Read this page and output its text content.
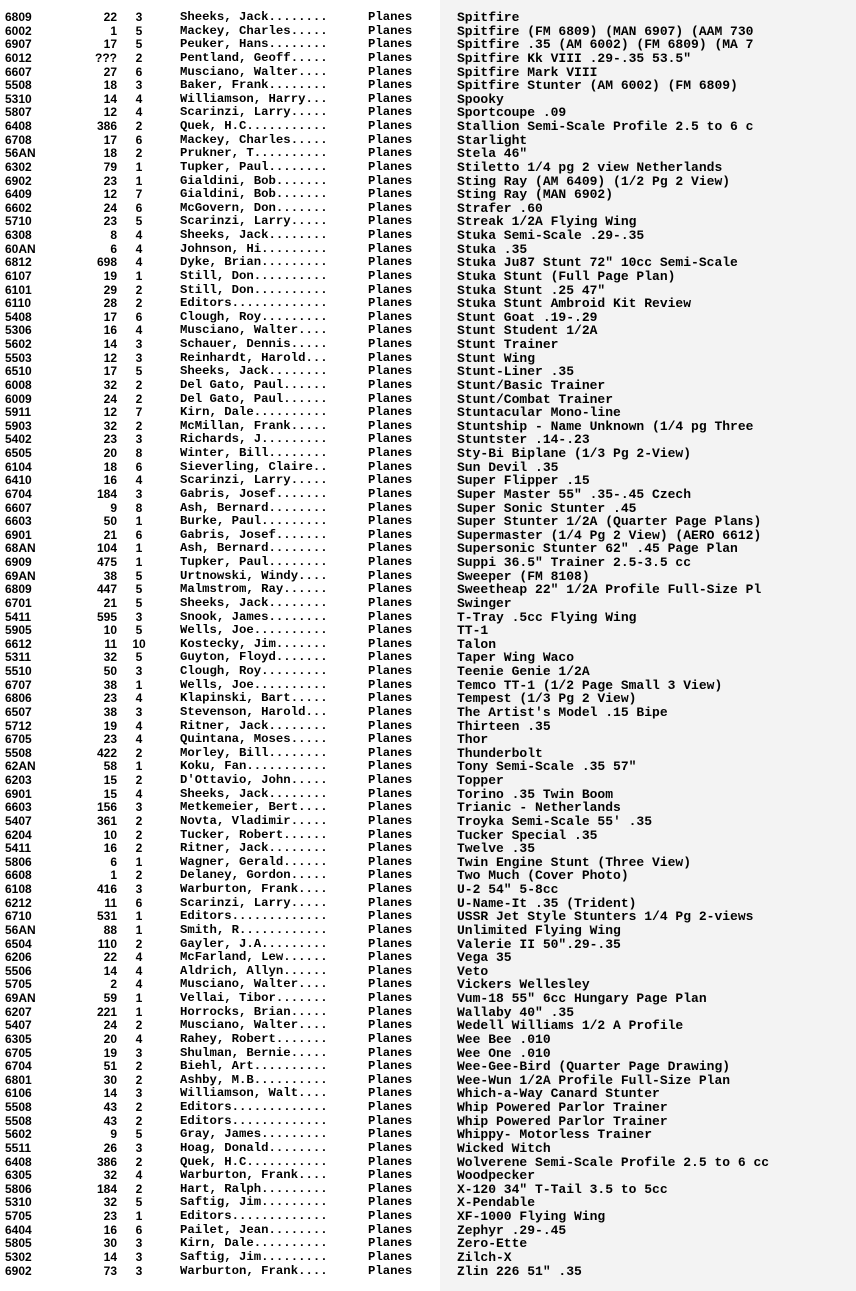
6809	22	3	Sheeks, Jack........	Planes	Spitfire
6002	1	5	Mackey, Charles.....	Planes	Spitfire (FM 6809) (MAN 6907) (AAM 730
6907	17	5	Peuker, Hans........	Planes	Spitfire .35 (AM 6002) (FM 6809) (MA 7
6012	???	2	Pentland, Geoff.....	Planes	Spitfire Kk VIII .29-.35 53.5"
6607	27	6	Musciano, Walter....	Planes	Spitfire Mark VIII
5508	18	3	Baker, Frank........	Planes	Spitfire Stunter (AM 6002) (FM 6809)
5310	14	4	Williamson, Harry...	Planes	Spooky
5807	12	4	Scarinzi, Larry.....	Planes	Sportcoupe .09
6408	386	2	Quek, H.C...........	Planes	Stallion Semi-Scale Profile 2.5 to 6 c
6708	17	6	Mackey, Charles.....	Planes	Starlight
56AN	18	2	Prukner, T..........	Planes	Stela 46"
6302	79	1	Tupker, Paul........	Planes	Stiletto 1/4 pg 2 view Netherlands
6902	23	1	Gialdini, Bob.......	Planes	Sting Ray (AM 6409) (1/2 Pg 2 View)
6409	12	7	Gialdini, Bob.......	Planes	Sting Ray (MAN 6902)
6602	24	6	McGovern, Don.......	Planes	Strafer .60
5710	23	5	Scarinzi, Larry.....	Planes	Streak 1/2A Flying Wing
6308	8	4	Sheeks, Jack........	Planes	Stuka Semi-Scale .29-.35
60AN	6	4	Johnson, Hi.........	Planes	Stuka .35
6812	698	4	Dyke, Brian.........	Planes	Stuka Ju87 Stunt 72" 10cc Semi-Scale
6107	19	1	Still, Don..........	Planes	Stuka Stunt (Full Page Plan)
6101	29	2	Still, Don..........	Planes	Stuka Stunt .25 47"
6110	28	2	Editors.............	Planes	Stuka Stunt Ambroid Kit Review
5408	17	6	Clough, Roy.........	Planes	Stunt Goat .19-.29
5306	16	4	Musciano, Walter....	Planes	Stunt Student 1/2A
5602	14	3	Schauer, Dennis.....	Planes	Stunt Trainer
5503	12	3	Reinhardt, Harold...	Planes	Stunt Wing
6510	17	5	Sheeks, Jack........	Planes	Stunt-Liner .35
6008	32	2	Del Gato, Paul......	Planes	Stunt/Basic Trainer
6009	24	2	Del Gato, Paul......	Planes	Stunt/Combat Trainer
5911	12	7	Kirn, Dale..........	Planes	Stuntacular Mono-line
5903	32	2	McMillan, Frank.....	Planes	Stuntship - Name Unknown (1/4 pg Three
5402	23	3	Richards, J.........	Planes	Stuntster .14-.23
6505	20	8	Winter, Bill........	Planes	Sty-Bi Biplane (1/3 Pg 2-View)
6104	18	6	Sieverling, Claire..	Planes	Sun Devil .35
6410	16	4	Scarinzi, Larry.....	Planes	Super Flipper .15
6704	184	3	Gabris, Josef.......	Planes	Super Master 55" .35-.45 Czech
6607	9	8	Ash, Bernard........	Planes	Super Sonic Stunter .45
6603	50	1	Burke, Paul.........	Planes	Super Stunter 1/2A (Quarter Page Plans)
6901	21	6	Gabris, Josef.......	Planes	Supermaster (1/4 Pg 2 View) (AERO 6612)
68AN	104	1	Ash, Bernard........	Planes	Supersonic Stunter 62" .45 Page Plan
6909	475	1	Tupker, Paul........	Planes	Suppi 36.5" Trainer 2.5-3.5 cc
69AN	38	5	Urtnowski, Windy....	Planes	Sweeper (FM 8108)
6809	447	5	Malmstrom, Ray......	Planes	Sweetheap 22" 1/2A Profile Full-Size Pl
6701	21	5	Sheeks, Jack........	Planes	Swinger
5411	595	3	Snook, James........	Planes	T-Tray .5cc Flying Wing
5905	10	5	Wells, Joe..........	Planes	TT-1
6612	11	10	Kostecky, Jim.......	Planes	Talon
5311	32	5	Guyton, Floyd.......	Planes	Taper Wing Waco
5510	50	3	Clough, Roy.........	Planes	Teenie Genie 1/2A
6707	38	1	Wells, Joe..........	Planes	Temco TT-1 (1/2 Page Small 3 View)
6806	23	4	Klapinski, Bart.....	Planes	Tempest (1/3 Pg 2 View)
6507	38	3	Stevenson, Harold...	Planes	The Artist's Model .15 Bipe
5712	19	4	Ritner, Jack........	Planes	Thirteen .35
6705	23	4	Quintana, Moses.....	Planes	Thor
5508	422	2	Morley, Bill........	Planes	Thunderbolt
62AN	58	1	Koku, Fan...........	Planes	Tony Semi-Scale .35 57"
6203	15	2	D'Ottavio, John.....	Planes	Topper
6901	15	4	Sheeks, Jack........	Planes	Torino .35 Twin Boom
6603	156	3	Metkemeier, Bert....	Planes	Trianic - Netherlands
5407	361	2	Novta, Vladimir.....	Planes	Troyka Semi-Scale 55' .35
6204	10	2	Tucker, Robert......	Planes	Tucker Special .35
5411	16	2	Ritner, Jack........	Planes	Twelve .35
5806	6	1	Wagner, Gerald......	Planes	Twin Engine Stunt (Three View)
6608	1	2	Delaney, Gordon.....	Planes	Two Much (Cover Photo)
6108	416	3	Warburton, Frank....	Planes	U-2 54" 5-8cc
6212	11	6	Scarinzi, Larry.....	Planes	U-Name-It .35 (Trident)
6710	531	1	Editors.............	Planes	USSR Jet Style Stunters 1/4 Pg 2-views
56AN	88	1	Smith, R............	Planes	Unlimited Flying Wing
6504	110	2	Gayler, J.A.........	Planes	Valerie II 50".29-.35
6206	22	4	McFarland, Lew......	Planes	Vega 35
5506	14	4	Aldrich, Allyn......	Planes	Veto
5705	2	4	Musciano, Walter....	Planes	Vickers Wellesley
69AN	59	1	Vellai, Tibor.......	Planes	Vum-18 55" 6cc Hungary Page Plan
6207	221	1	Horrocks, Brian.....	Planes	Wallaby 40" .35
5407	24	2	Musciano, Walter....	Planes	Wedell Williams 1/2 A Profile
6305	20	4	Rahey, Robert.......	Planes	Wee Bee .010
6705	19	3	Shulman, Bernie.....	Planes	Wee One .010
6704	51	2	Biehl, Art..........	Planes	Wee-Gee-Bird (Quarter Page Drawing)
6801	30	2	Ashby, M.B..........	Planes	Wee-Wun 1/2A Profile Full-Size Plan
6106	14	3	Williamson, Walt....	Planes	Which-a-Way Canard Stunter
5508	43	2	Editors.............	Planes	Whip Powered Parlor Trainer
5508	43	2	Editors.............	Planes	Whip Powered Parlor Trainer
5602	9	5	Gray, James.........	Planes	Whippy- Motorless Trainer
5511	26	3	Hoag, Donald........	Planes	Wicked Witch
6408	386	2	Quek, H.C...........	Planes	Wolverene Semi-Scale Profile 2.5 to 6 cc
6305	32	4	Warburton, Frank....	Planes	Woodpecker
5806	184	2	Hart, Ralph.........	Planes	X-120 34" T-Tail 3.5 to 5cc
5310	32	5	Saftig, Jim.........	Planes	X-Pendable
5705	23	1	Editors.............	Planes	XF-1000 Flying Wing
6404	16	6	Pailet, Jean........	Planes	Zephyr .29-.45
5805	30	3	Kirn, Dale..........	Planes	Zero-Ette
5302	14	3	Saftig, Jim.........	Planes	Zilch-X
6902	73	3	Warburton, Frank....	Planes	Zlin 226 51" .35
